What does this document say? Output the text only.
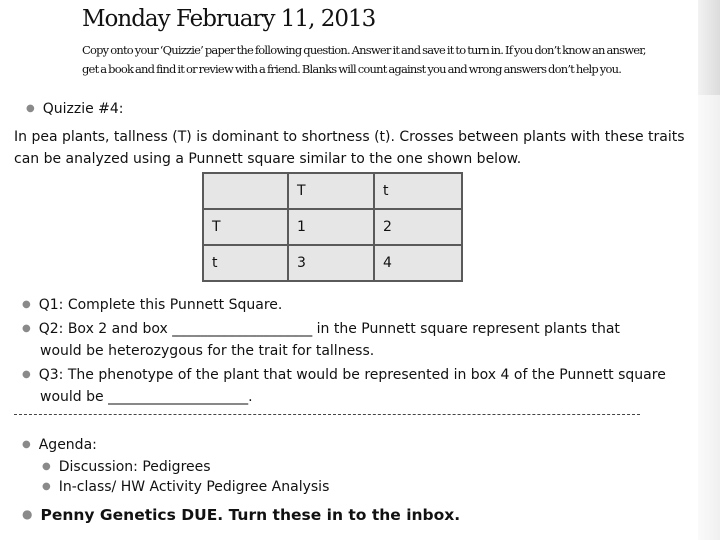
Monday February 11, 2013

Copy onto your ‘Quizzie’ paper the following question. Answer it and save it to turn in. If you don’t know an answer, get a book and find it or review with a friend. Blanks will count against you and wrong answers don’t help you.

● Quizzie #4:

In pea plants, tallness (T) is dominant to shortness (t). Crosses between plants with these traits can be analyzed using a Punnett square similar to the one shown below.

	T	t
T	1	2
t	3	4
● Q1: Complete this Punnett Square.
● Q2: Box 2 and box ____________________ in the Punnett square represent plants that
would be heterozygous for the trait for tallness.
● Q3: The phenotype of the plant that would be represented in box 4 of the Punnett square
would be ____________________.
● Agenda:
● Discussion: Pedigrees
● In-class/ HW Activity Pedigree Analysis
● Penny Genetics DUE. Turn these in to the inbox.
